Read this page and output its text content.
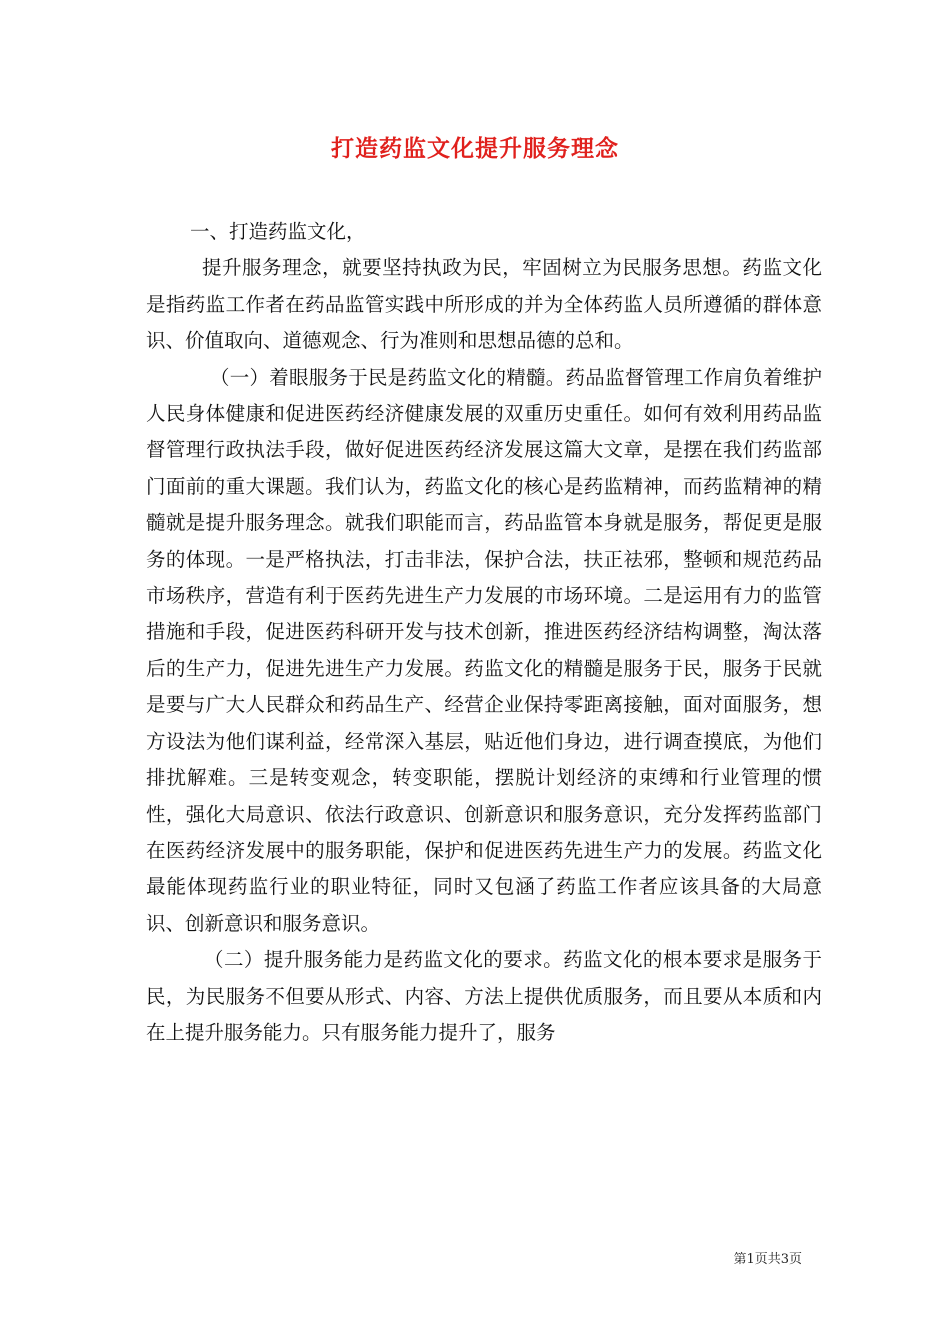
打造药监文化提升服务理念

一、打造药监文化，

提升服务理念，就要坚持执政为民，牢固树立为民服务思想。药监文化是指药监工作者在药品监管实践中所形成的并为全体药监人员所遵循的群体意识、价值取向、道德观念、行为准则和思想品德的总和。

（一）着眼服务于民是药监文化的精髓。药品监督管理工作肩负着维护人民身体健康和促进医药经济健康发展的双重历史重任。如何有效利用药品监督管理行政执法手段，做好促进医药经济发展这篇大文章，是摆在我们药监部门面前的重大课题。我们认为，药监文化的核心是药监精神，而药监精神的精髓就是提升服务理念。就我们职能而言，药品监管本身就是服务，帮促更是服务的体现。一是严格执法，打击非法，保护合法，扶正祛邪，整顿和规范药品市场秩序，营造有利于医药先进生产力发展的市场环境。二是运用有力的监管措施和手段，促进医药科研开发与技术创新，推进医药经济结构调整，淘汰落后的生产力，促进先进生产力发展。药监文化的精髓是服务于民，服务于民就是要与广大人民群众和药品生产、经营企业保持零距离接触，面对面服务，想方设法为他们谋利益，经常深入基层，贴近他们身边，进行调查摸底，为他们排扰解难。三是转变观念，转变职能，摆脱计划经济的束缚和行业管理的惯性，强化大局意识、依法行政意识、创新意识和服务意识，充分发挥药监部门在医药经济发展中的服务职能，保护和促进医药先进生产力的发展。药监文化最能体现药监行业的职业特征，同时又包涵了药监工作者应该具备的大局意识、创新意识和服务意识。

（二）提升服务能力是药监文化的要求。药监文化的根本要求是服务于民，为民服务不但要从形式、内容、方法上提供优质服务，而且要从本质和内在上提升服务能力。只有服务能力提升了，服务

第1页共3页
